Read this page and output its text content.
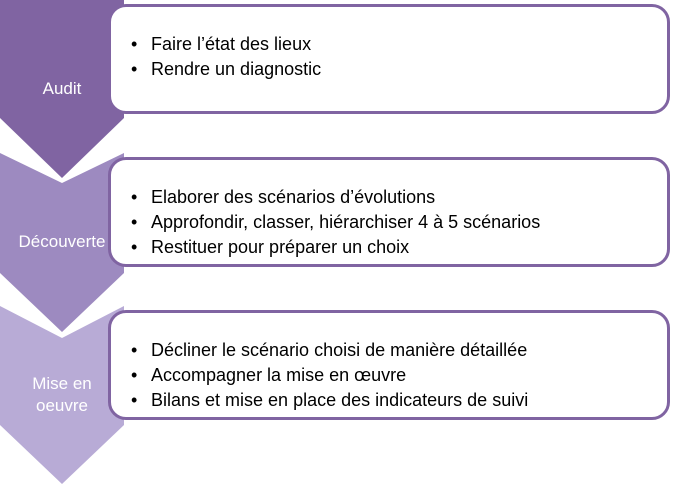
Audit
Découverte
Mise en
oeuvre
• Faire l’état des lieux
• Rendre un diagnostic
• Elaborer des scénarios d’évolutions
• Approfondir, classer, hiérarchiser 4 à 5 scénarios
• Restituer pour préparer un choix
• Décliner le scénario choisi de manière détaillée
• Accompagner la mise en œuvre
• Bilans et mise en place des indicateurs de suivi
